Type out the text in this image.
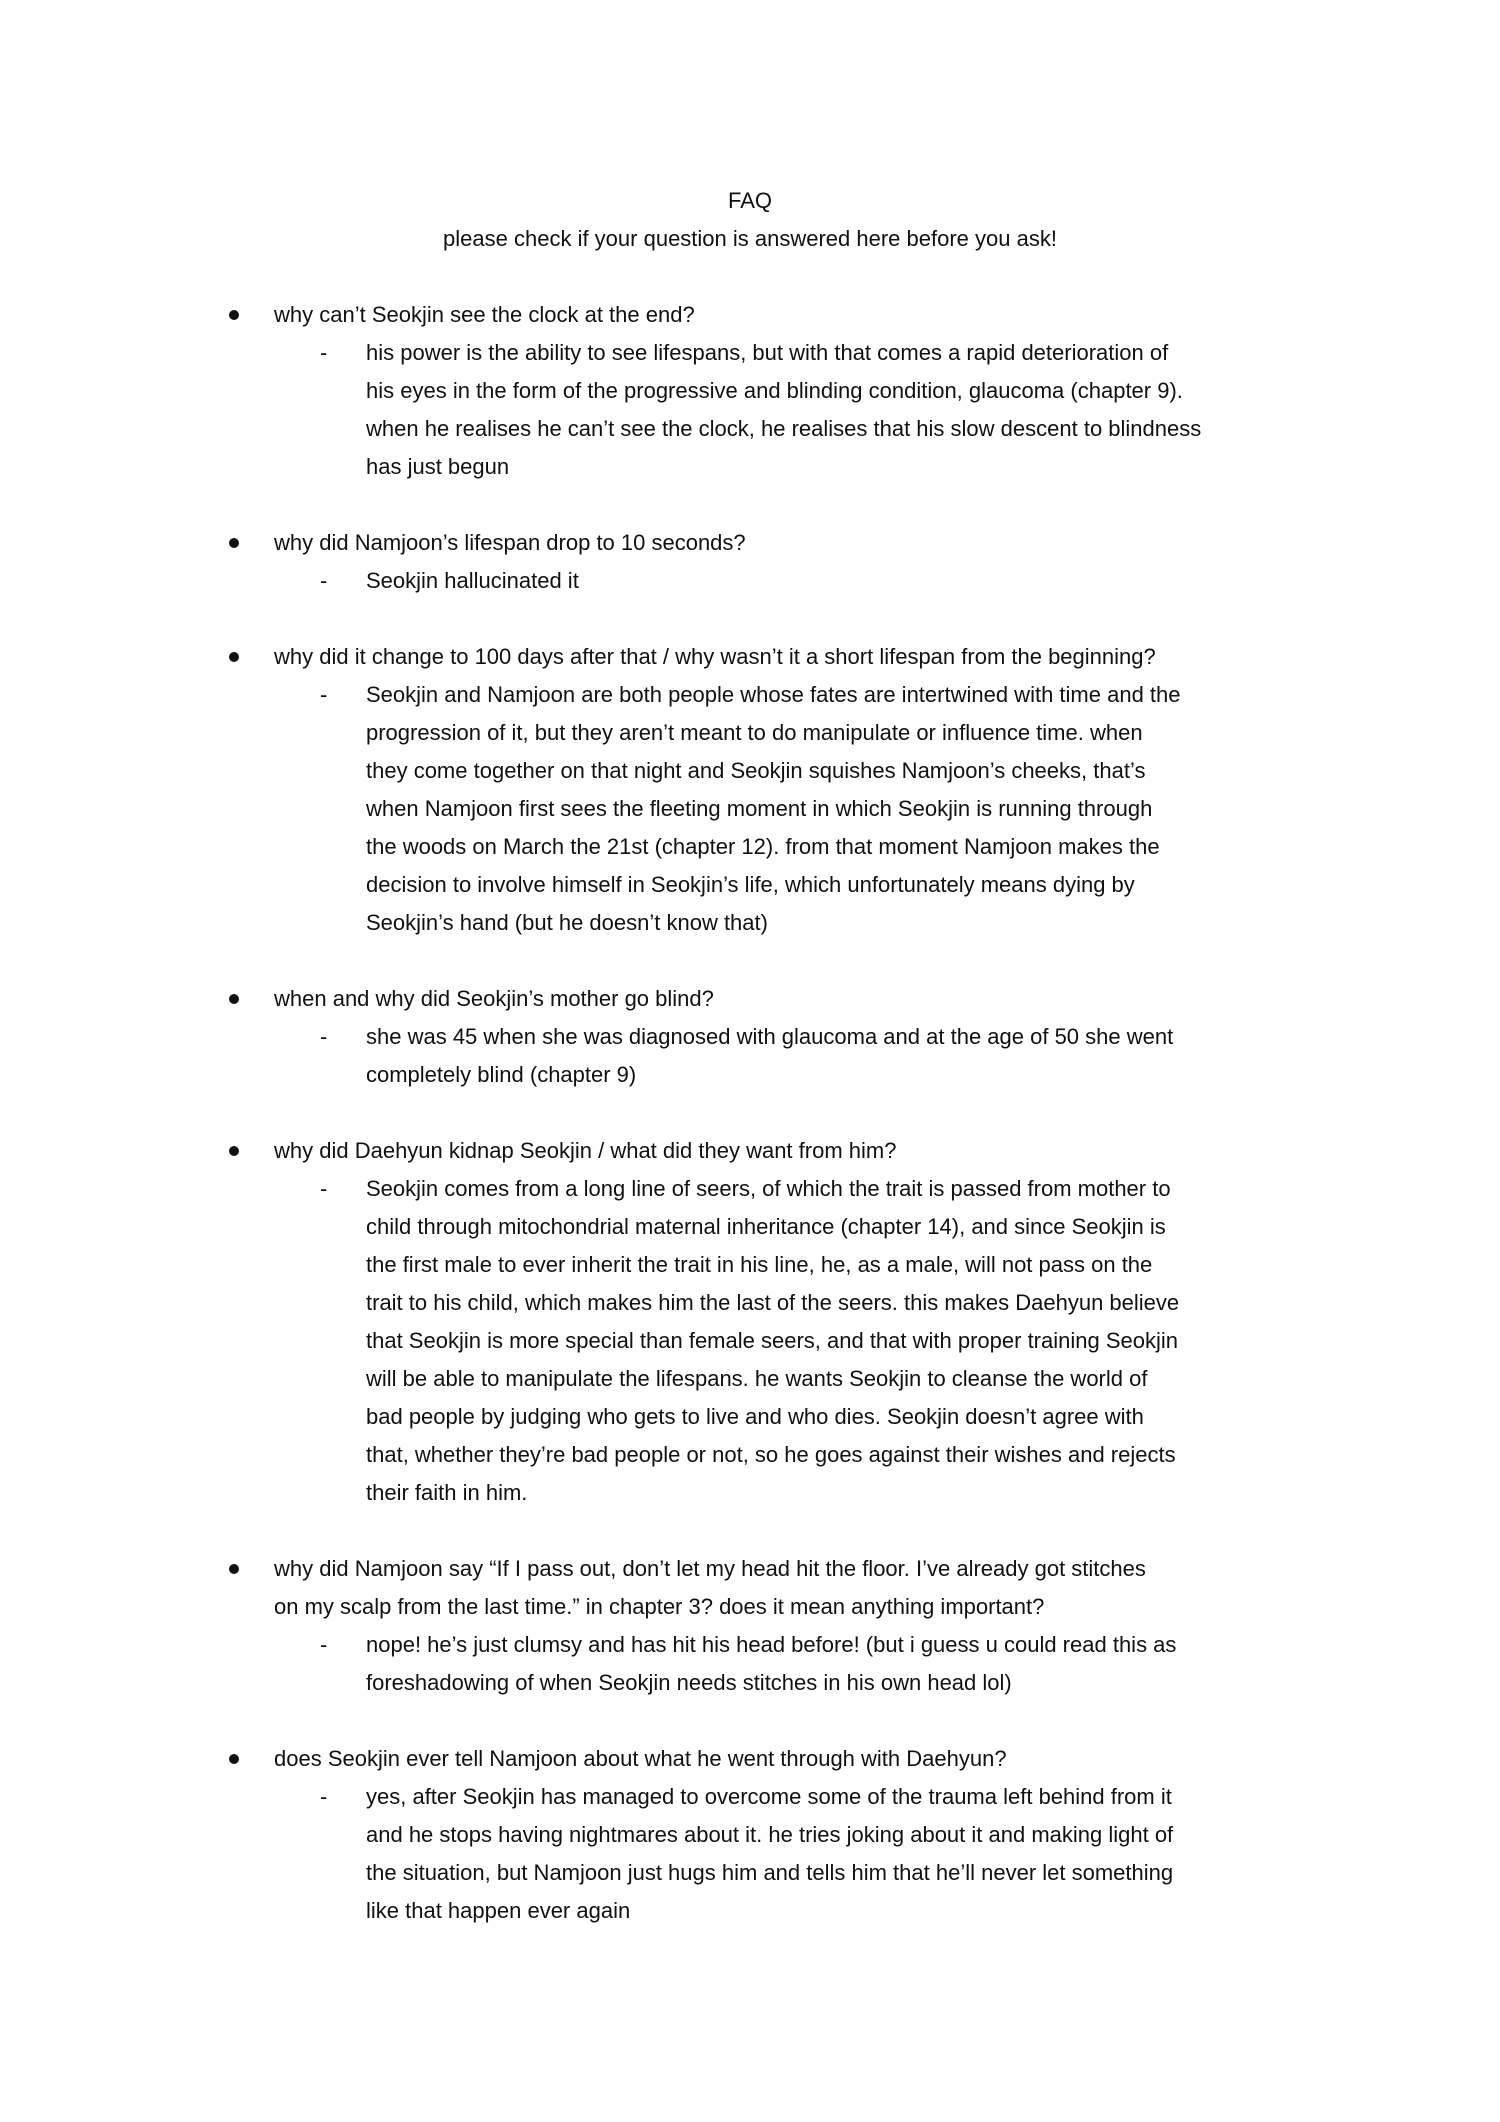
FAQ
please check if your question is answered here before you ask!
why can’t Seokjin see the clock at the end?
- his power is the ability to see lifespans, but with that comes a rapid deterioration of
his eyes in the form of the progressive and blinding condition, glaucoma (chapter 9).
when he realises he can’t see the clock, he realises that his slow descent to blindness
has just begun
why did Namjoon’s lifespan drop to 10 seconds?
- Seokjin hallucinated it
why did it change to 100 days after that / why wasn’t it a short lifespan from the beginning?
- Seokjin and Namjoon are both people whose fates are intertwined with time and the
progression of it, but they aren’t meant to do manipulate or influence time. when
they come together on that night and Seokjin squishes Namjoon’s cheeks, that’s
when Namjoon first sees the fleeting moment in which Seokjin is running through
the woods on March the 21st (chapter 12). from that moment Namjoon makes the
decision to involve himself in Seokjin’s life, which unfortunately means dying by
Seokjin’s hand (but he doesn’t know that)
when and why did Seokjin’s mother go blind?
- she was 45 when she was diagnosed with glaucoma and at the age of 50 she went
completely blind (chapter 9)
why did Daehyun kidnap Seokjin / what did they want from him?
- Seokjin comes from a long line of seers, of which the trait is passed from mother to
child through mitochondrial maternal inheritance (chapter 14), and since Seokjin is
the first male to ever inherit the trait in his line, he, as a male, will not pass on the
trait to his child, which makes him the last of the seers. this makes Daehyun believe
that Seokjin is more special than female seers, and that with proper training Seokjin
will be able to manipulate the lifespans. he wants Seokjin to cleanse the world of
bad people by judging who gets to live and who dies. Seokjin doesn’t agree with
that, whether they’re bad people or not, so he goes against their wishes and rejects
their faith in him.
why did Namjoon say “If I pass out, don’t let my head hit the floor. I’ve already got stitches
on my scalp from the last time.” in chapter 3? does it mean anything important?
- nope! he’s just clumsy and has hit his head before! (but i guess u could read this as
foreshadowing of when Seokjin needs stitches in his own head lol)
does Seokjin ever tell Namjoon about what he went through with Daehyun?
- yes, after Seokjin has managed to overcome some of the trauma left behind from it
and he stops having nightmares about it. he tries joking about it and making light of
the situation, but Namjoon just hugs him and tells him that he’ll never let something
like that happen ever again
